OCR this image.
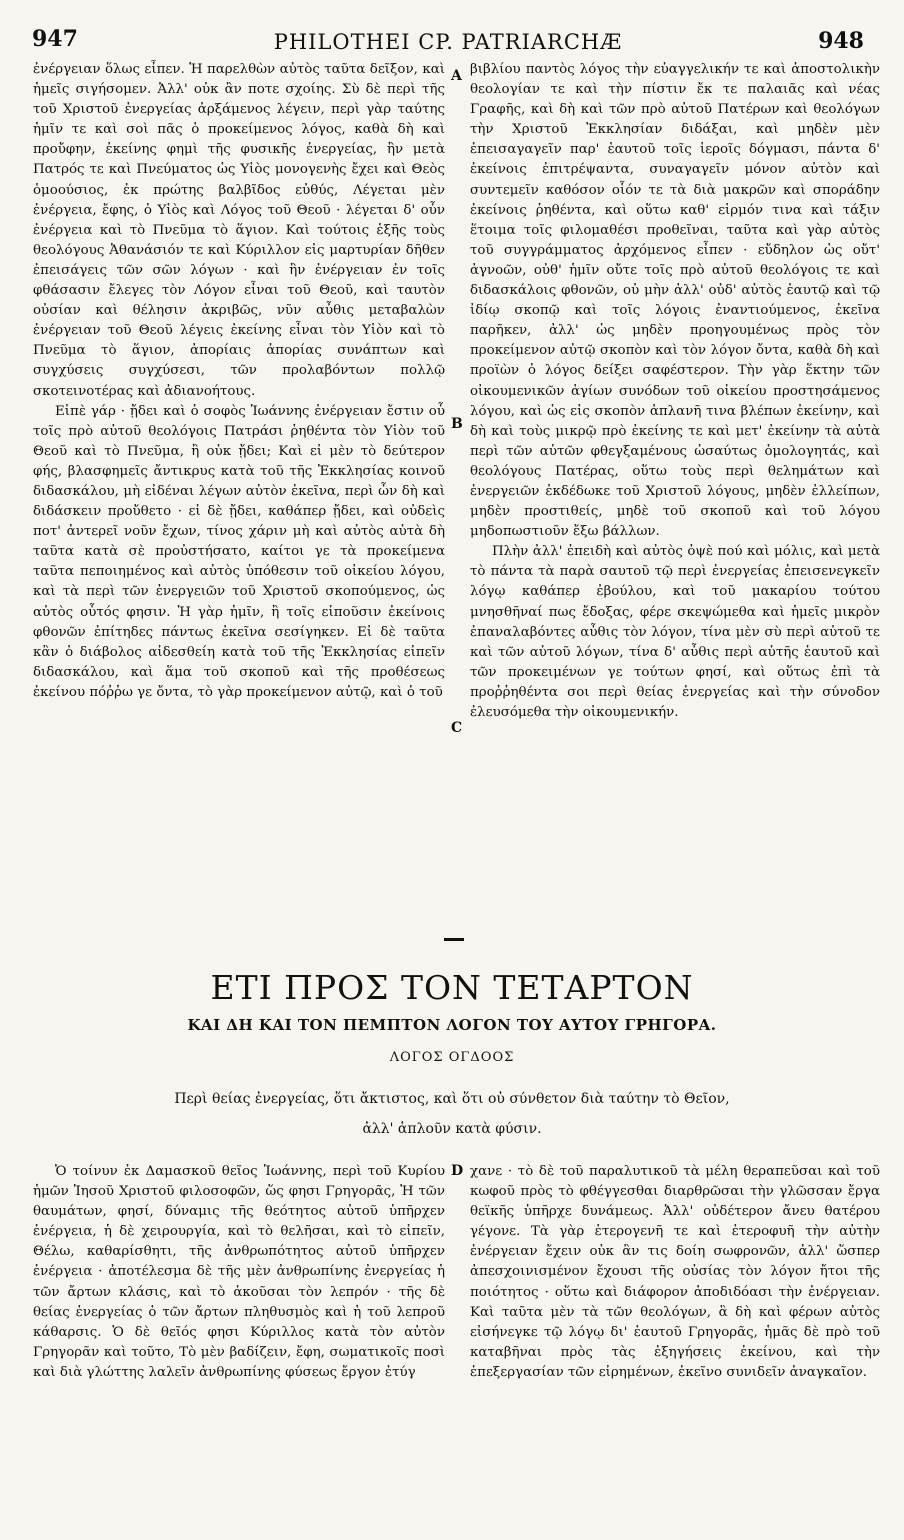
947	PHILOTHEI CP. PATRIARCHÆ	948

ἐνέργειαν ὅλως εἶπεν. Ἡ παρελθὼν αὐτὸς ταῦτα δεῖξον, καὶ ἡμεῖς σιγήσομεν. Ἀλλ' οὐκ ἂν ποτε σχοίης. Σὺ δὲ περὶ τῆς τοῦ Χριστοῦ ἐνεργείας ἀρξάμενος λέγειν, περὶ γὰρ ταύτης ἡμῖν τε καὶ σοὶ πᾶς ὁ προκείμενος λόγος, καθὰ δὴ καὶ προὔφην, ἐκείνης φημὶ τῆς φυσικῆς ἐνεργείας, ἣν μετὰ Πατρός τε καὶ Πνεύματος ὡς Υἱὸς μονογενὴς ἔχει καὶ Θεὸς ὁμοούσιος, ἐκ πρώτης βαλβῖδος εὐθύς, Λέγεται μὲν ἐνέργεια, ἔφης, ὁ Υἱὸς καὶ Λόγος τοῦ Θεοῦ · λέγεται δ' οὖν ἐνέργεια καὶ τὸ Πνεῦμα τὸ ἅγιον. Καὶ τούτοις ἑξῆς τοὺς θεολόγους Ἀθανάσιόν τε καὶ Κύριλλον εἰς μαρτυρίαν δῆθεν ἐπεισάγεις τῶν σῶν λόγων · καὶ ἣν ἐνέργειαν ἐν τοῖς φθάσασιν ἔλεγες τὸν Λόγον εἶναι τοῦ Θεοῦ, καὶ ταυτὸν οὐσίαν καὶ θέλησιν ἀκριβῶς, νῦν αὖθις μεταβαλὼν ἐνέργειαν τοῦ Θεοῦ λέγεις ἐκείνης εἶναι τὸν Υἱὸν καὶ τὸ Πνεῦμα τὸ ἅγιον, ἀπορίαις ἀπορίας συνάπτων καὶ συγχύσεις συγχύσεσι, τῶν προλαβόντων πολλῷ σκοτεινοτέρας καὶ ἀδιανοήτους.

Εἰπὲ γάρ · ᾔδει καὶ ὁ σοφὸς Ἰωάννης ἐνέργειαν ἔστιν οὗ τοῖς πρὸ αὐτοῦ θεολόγοις Πατράσι ῥηθέντα τὸν Υἱὸν τοῦ Θεοῦ καὶ τὸ Πνεῦμα, ἢ οὐκ ᾔδει; Καὶ εἰ μὲν τὸ δεύτερον φής, βλασφημεῖς ἄντικρυς κατὰ τοῦ τῆς Ἐκκλησίας κοινοῦ διδασκάλου, μὴ εἰδέναι λέγων αὐτὸν ἐκεῖνα, περὶ ὧν δὴ καὶ διδάσκειν προὔθετο · εἰ δὲ ᾔδει, καθάπερ ᾔδει, καὶ οὐδεὶς ποτ' ἀντερεῖ νοῦν ἔχων, τίνος χάριν μὴ καὶ αὐτὸς αὐτὰ δὴ ταῦτα κατὰ σὲ προὐστήσατο, καίτοι γε τὰ προκείμενα ταῦτα πεποιημένος καὶ αὐτὸς ὑπόθεσιν τοῦ οἰκείου λόγου, καὶ τὰ περὶ τῶν ἐνεργειῶν τοῦ Χριστοῦ σκοπούμενος, ὡς αὐτὸς οὗτός φησιν. Ἡ γὰρ ἡμῖν, ἢ τοῖς εἰποῦσιν ἐκείνοις φθονῶν ἐπίτηδες πάντως ἐκεῖνα σεσίγηκεν. Εἰ δὲ ταῦτα κἂν ὁ διάβολος αἰδεσθείη κατὰ τοῦ τῆς Ἐκκλησίας εἰπεῖν διδασκάλου, καὶ ἅμα τοῦ σκοποῦ καὶ τῆς προθέσεως ἐκείνου πόῤῥω γε ὄντα, τὸ γὰρ προκείμενον αὐτῷ, καὶ ὁ τοῦ

βιβλίου παντὸς λόγος τὴν εὐαγγελικήν τε καὶ ἀποστολικὴν θεολογίαν τε καὶ τὴν πίστιν ἔκ τε παλαιᾶς καὶ νέας Γραφῆς, καὶ δὴ καὶ τῶν πρὸ αὐτοῦ Πατέρων καὶ θεολόγων τὴν Χριστοῦ Ἐκκλησίαν διδάξαι, καὶ μηδὲν μὲν ἐπεισαγαγεῖν παρ' ἑαυτοῦ τοῖς ἱεροῖς δόγμασι, πάντα δ' ἐκείνοις ἐπιτρέψαντα, συναγαγεῖν μόνον αὐτὸν καὶ συντεμεῖν καθόσον οἷόν τε τὰ διὰ μακρῶν καὶ σποράδην ἐκείνοις ῥηθέντα, καὶ οὕτω καθ' εἱρμόν τινα καὶ τάξιν ἕτοιμα τοῖς φιλομαθέσι προθεῖναι, ταῦτα καὶ γὰρ αὐτὸς τοῦ συγγράμματος ἀρχόμενος εἶπεν · εὔδηλον ὡς οὔτ' ἀγνοῶν, οὐθ' ἡμῖν οὔτε τοῖς πρὸ αὐτοῦ θεολόγοις τε καὶ διδασκάλοις φθονῶν, οὐ μὴν ἀλλ' οὐδ' αὐτὸς ἑαυτῷ καὶ τῷ ἰδίῳ σκοπῷ καὶ τοῖς λόγοις ἐναντιούμενος, ἐκεῖνα παρῆκεν, ἀλλ' ὡς μηδὲν προηγουμένως πρὸς τὸν προκείμενον αὐτῷ σκοπὸν καὶ τὸν λόγον ὄντα, καθὰ δὴ καὶ προϊὼν ὁ λόγος δείξει σαφέστερον. Τὴν γὰρ ἕκτην τῶν οἰκουμενικῶν ἁγίων συνόδων τοῦ οἰκείου προστησάμενος λόγου, καὶ ὡς εἰς σκοπὸν ἀπλανῆ τινα βλέπων ἐκείνην, καὶ δὴ καὶ τοὺς μικρῷ πρὸ ἐκείνης τε καὶ μετ' ἐκείνην τὰ αὐτὰ περὶ τῶν αὐτῶν φθεγξαμένους ὡσαύτως ὁμολογητάς, καὶ θεολόγους Πατέρας, οὕτω τοὺς περὶ θελημάτων καὶ ἐνεργειῶν ἐκδέδωκε τοῦ Χριστοῦ λόγους, μηδὲν ἐλλείπων, μηδὲν προστιθείς, μηδὲ τοῦ σκοποῦ καὶ τοῦ λόγου μηδοπωστιοῦν ἔξω βάλλων.

Πλὴν ἀλλ' ἐπειδὴ καὶ αὐτὸς ὀψὲ πού καὶ μόλις, καὶ μετὰ τὸ πάντα τὰ παρὰ σαυτοῦ τῷ περὶ ἐνεργείας ἐπεισενεγκεῖν λόγῳ καθάπερ ἐβούλου, καὶ τοῦ μακαρίου τούτου μνησθῆναί πως ἔδοξας, φέρε σκεψώμεθα καὶ ἡμεῖς μικρὸν ἐπαναλαβόντες αὖθις τὸν λόγον, τίνα μὲν σὺ περὶ αὐτοῦ τε καὶ τῶν αὐτοῦ λόγων, τίνα δ' αὖθις περὶ αὐτῆς ἑαυτοῦ καὶ τῶν προκειμένων γε τούτων φησί, καὶ οὕτως ἐπὶ τὰ προῤῥηθέντα σοι περὶ θείας ἐνεργείας καὶ τὴν σύνοδον ἐλευσόμεθα τὴν οἰκουμενικήν.

A
B
C
D
ΕΤΙ ΠΡΟΣ ΤΟΝ ΤΕΤΑΡΤΟΝ
ΚΑΙ ΔΗ ΚΑΙ ΤΟΝ ΠΕΜΠΤΟΝ ΛΟΓΟΝ ΤΟΥ ΑΥΤΟΥ ΓΡΗΓΟΡΑ.
ΛΟΓΟΣ ΟΓΔΟΟΣ
Περὶ θείας ἐνεργείας, ὅτι ἄκτιστος, καὶ ὅτι οὐ σύνθετον διὰ ταύτην τὸ Θεῖον,
ἀλλ' ἁπλοῦν κατὰ φύσιν.

Ὁ τοίνυν ἐκ Δαμασκοῦ θεῖος Ἰωάννης, περὶ τοῦ Κυρίου ἡμῶν Ἰησοῦ Χριστοῦ φιλοσοφῶν, ὥς φησι Γρηγορᾶς, Ἡ τῶν θαυμάτων, φησί, δύναμις τῆς θεότητος αὐτοῦ ὑπῆρχεν ἐνέργεια, ἡ δὲ χειρουργία, καὶ τὸ θελῆσαι, καὶ τὸ εἰπεῖν, Θέλω, καθαρίσθητι, τῆς ἀνθρωπότητος αὐτοῦ ὑπῆρχεν ἐνέργεια · ἀποτέλεσμα δὲ τῆς μὲν ἀνθρωπίνης ἐνεργείας ἡ τῶν ἄρτων κλάσις, καὶ τὸ ἀκοῦσαι τὸν λεπρόν · τῆς δὲ θείας ἐνεργείας ὁ τῶν ἄρτων πληθυσμὸς καὶ ἡ τοῦ λεπροῦ κάθαρσις. Ὁ δὲ θεῖός φησι Κύριλλος κατὰ τὸν αὐτὸν Γρηγορᾶν καὶ τοῦτο, Τὸ μὲν βαδίζειν, ἔφη, σωματικοῖς ποσὶ καὶ διὰ γλώττης λαλεῖν ἀνθρωπίνης φύσεως ἔργον ἐτύγ

χανε · τὸ δὲ τοῦ παραλυτικοῦ τὰ μέλη θεραπεῦσαι καὶ τοῦ κωφοῦ πρὸς τὸ φθέγγεσθαι διαρθρῶσαι τὴν γλῶσσαν ἔργα θεϊκῆς ὑπῆρχε δυνάμεως. Ἀλλ' οὐδέτερον ἄνευ θατέρου γέγονε. Τὰ γὰρ ἑτερογενῆ τε καὶ ἑτεροφυῆ τὴν αὐτὴν ἐνέργειαν ἔχειν οὐκ ἂν τις δοίη σωφρονῶν, ἀλλ' ὥσπερ ἀπεσχοινισμένον ἔχουσι τῆς οὐσίας τὸν λόγον ἤτοι τῆς ποιότητος · οὕτω καὶ διάφορον ἀποδιδόασι τὴν ἐνέργειαν. Καὶ ταῦτα μὲν τὰ τῶν θεολόγων, ἃ δὴ καὶ φέρων αὐτὸς εἰσήνεγκε τῷ λόγῳ δι' ἑαυτοῦ Γρηγορᾶς, ἡμᾶς δὲ πρὸ τοῦ καταβῆναι πρὸς τὰς ἐξηγήσεις ἐκείνου, καὶ τὴν ἐπεξεργασίαν τῶν εἰρημένων, ἐκεῖνο συνιδεῖν ἀναγκαῖον.
